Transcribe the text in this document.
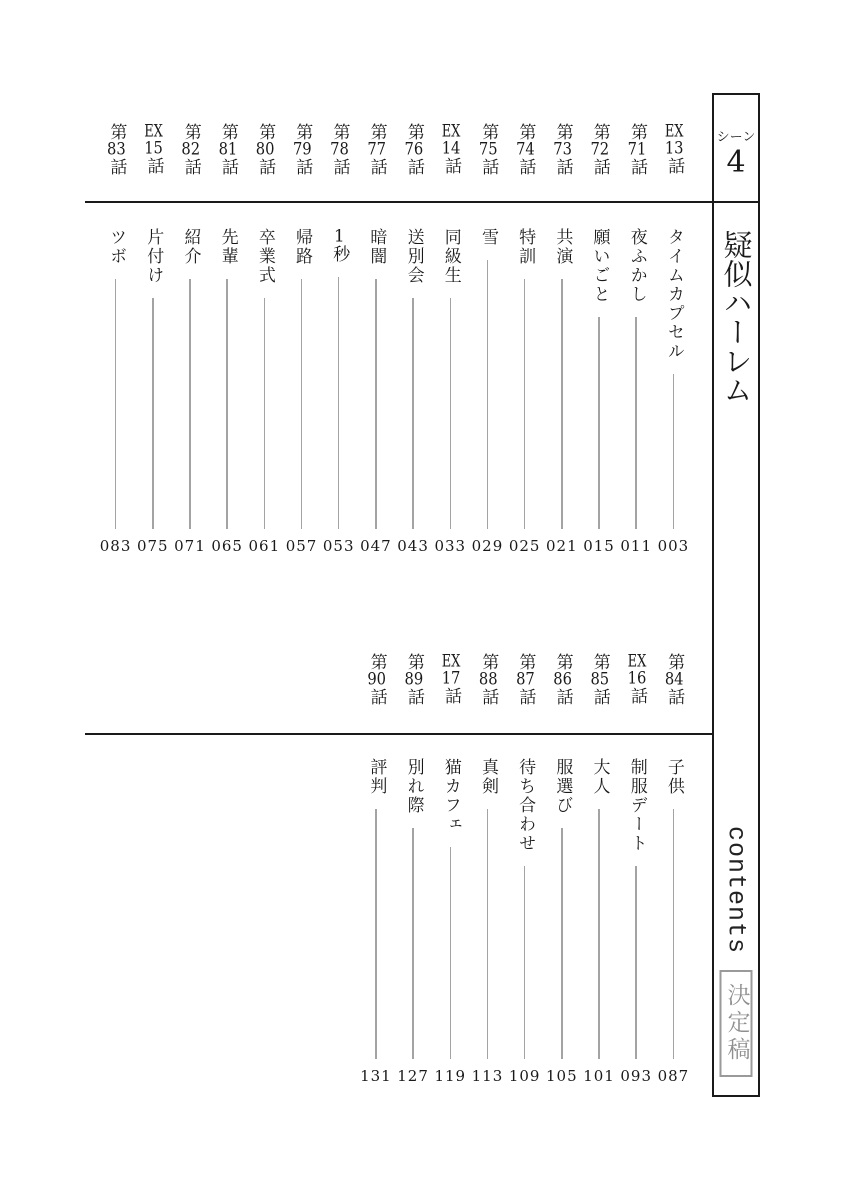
EX13話
タイムカプセル
003
第71話
夜ふかし
011
第72話
願いごと
015
第73話
共演
021
第74話
特訓
025
第75話
雪
029
EX14話
同級生
033
第76話
送別会
043
第77話
暗闇
047
第78話
1秒
053
第79話
帰路
057
第80話
卒業式
061
第81話
先輩
065
第82話
紹介
071
EX15話
片付け
075
第83話
ツボ
083
第84話
子供
087
EX16話
制服デート
093
第85話
大人
101
第86話
服選び
105
第87話
待ち合わせ
109
第88話
真剣
113
EX17話
猫カフェ
119
第89話
別れ際
127
第90話
評判
131
シーン
4
疑似ハーレム
contents
決定稿
